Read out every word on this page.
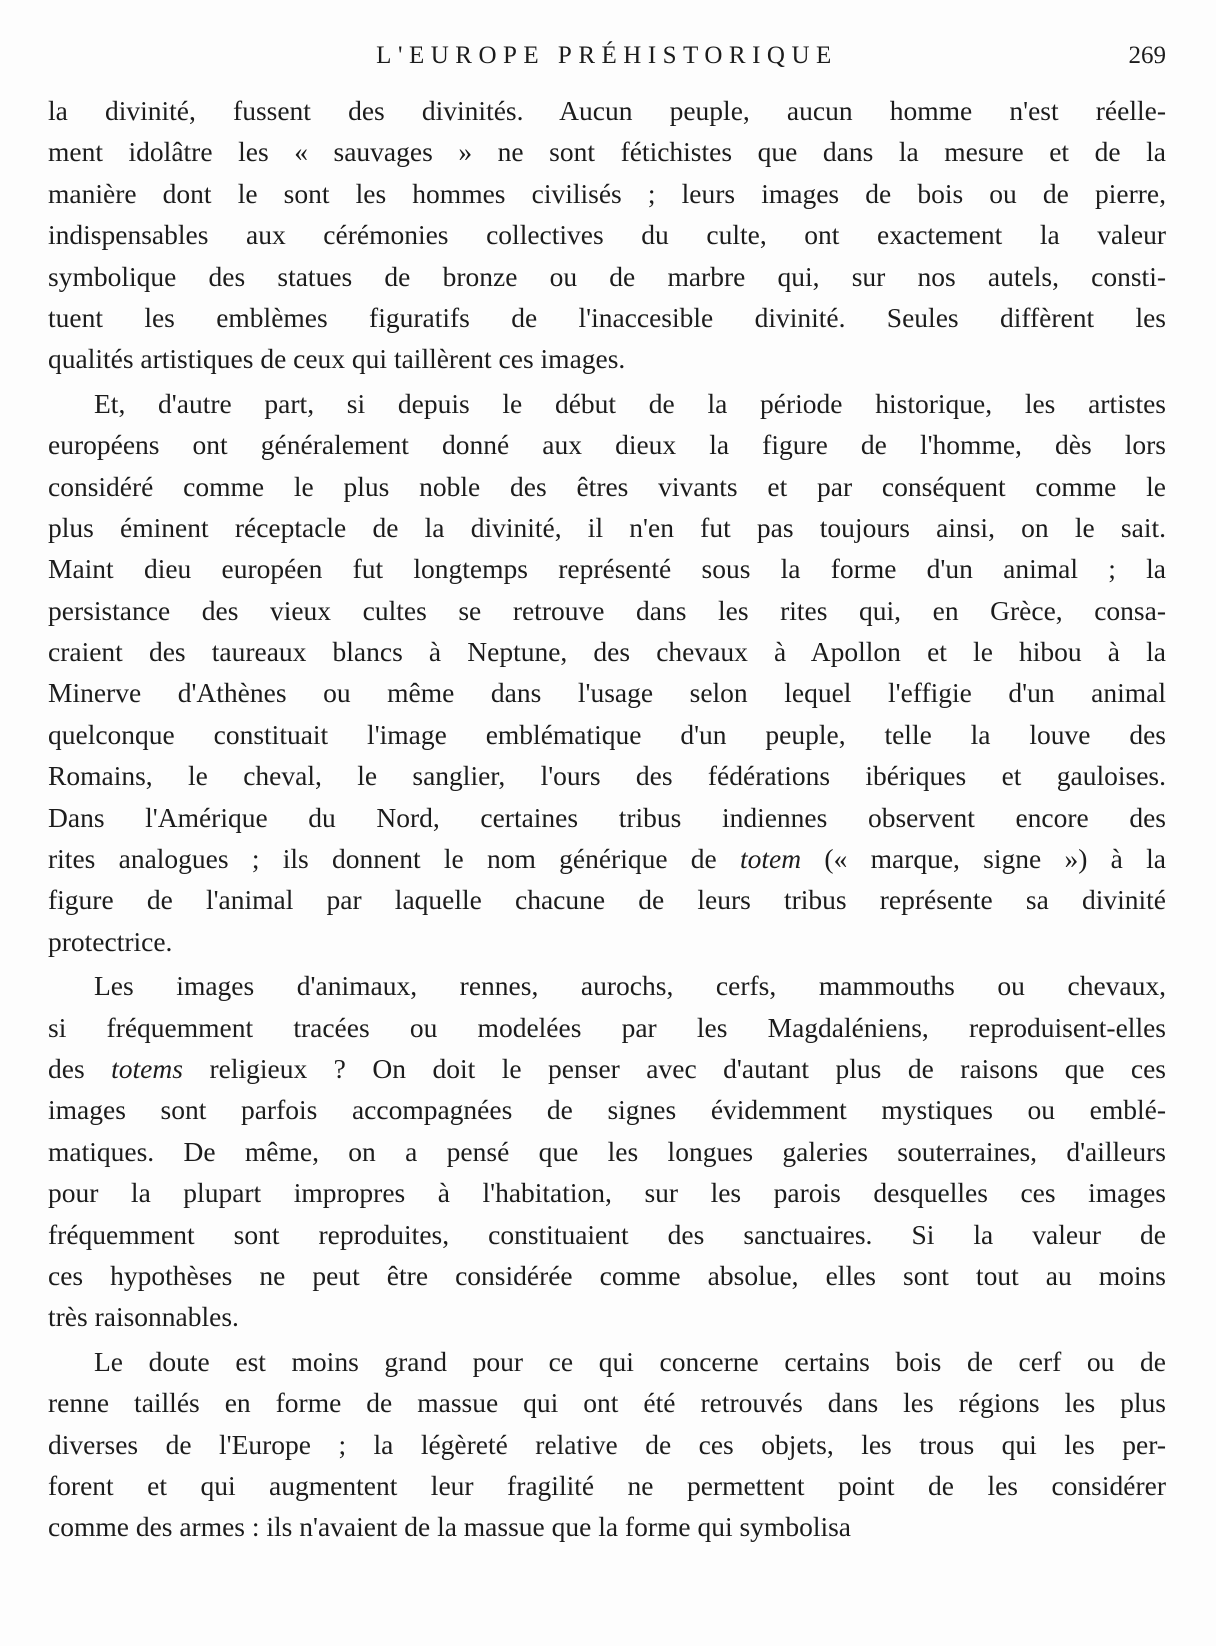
L'EUROPE PRÉHISTORIQUE	269
la divinité, fussent des divinités. Aucun peuple, aucun homme n'est réelle-
ment idolâtre les « sauvages » ne sont fétichistes que dans la mesure et de la
manière dont le sont les hommes civilisés ; leurs images de bois ou de pierre,
indispensables aux cérémonies collectives du culte, ont exactement la valeur
symbolique des statues de bronze ou de marbre qui, sur nos autels, consti-
tuent les emblèmes figuratifs de l'inaccesible divinité. Seules diffèrent les
qualités artistiques de ceux qui taillèrent ces images.
Et, d'autre part, si depuis le début de la période historique, les artistes
européens ont généralement donné aux dieux la figure de l'homme, dès lors
considéré comme le plus noble des êtres vivants et par conséquent comme le
plus éminent réceptacle de la divinité, il n'en fut pas toujours ainsi, on le sait.
Maint dieu européen fut longtemps représenté sous la forme d'un animal ; la
persistance des vieux cultes se retrouve dans les rites qui, en Grèce, consa-
craient des taureaux blancs à Neptune, des chevaux à Apollon et le hibou à la
Minerve d'Athènes ou même dans l'usage selon lequel l'effigie d'un animal
quelconque constituait l'image emblématique d'un peuple, telle la louve des
Romains, le cheval, le sanglier, l'ours des fédérations ibériques et gauloises.
Dans l'Amérique du Nord, certaines tribus indiennes observent encore des
rites analogues ; ils donnent le nom générique de totem (« marque, signe ») à la
figure de l'animal par laquelle chacune de leurs tribus représente sa divinité
protectrice.
Les images d'animaux, rennes, aurochs, cerfs, mammouths ou chevaux,
si fréquemment tracées ou modelées par les Magdaléniens, reproduisent-elles
des totems religieux ? On doit le penser avec d'autant plus de raisons que ces
images sont parfois accompagnées de signes évidemment mystiques ou emblé-
matiques. De même, on a pensé que les longues galeries souterraines, d'ailleurs
pour la plupart impropres à l'habitation, sur les parois desquelles ces images
fréquemment sont reproduites, constituaient des sanctuaires. Si la valeur de
ces hypothèses ne peut être considérée comme absolue, elles sont tout au moins
très raisonnables.
Le doute est moins grand pour ce qui concerne certains bois de cerf ou de
renne taillés en forme de massue qui ont été retrouvés dans les régions les plus
diverses de l'Europe ; la légèreté relative de ces objets, les trous qui les per-
forent et qui augmentent leur fragilité ne permettent point de les considérer
comme des armes : ils n'avaient de la massue que la forme qui symbolisa
